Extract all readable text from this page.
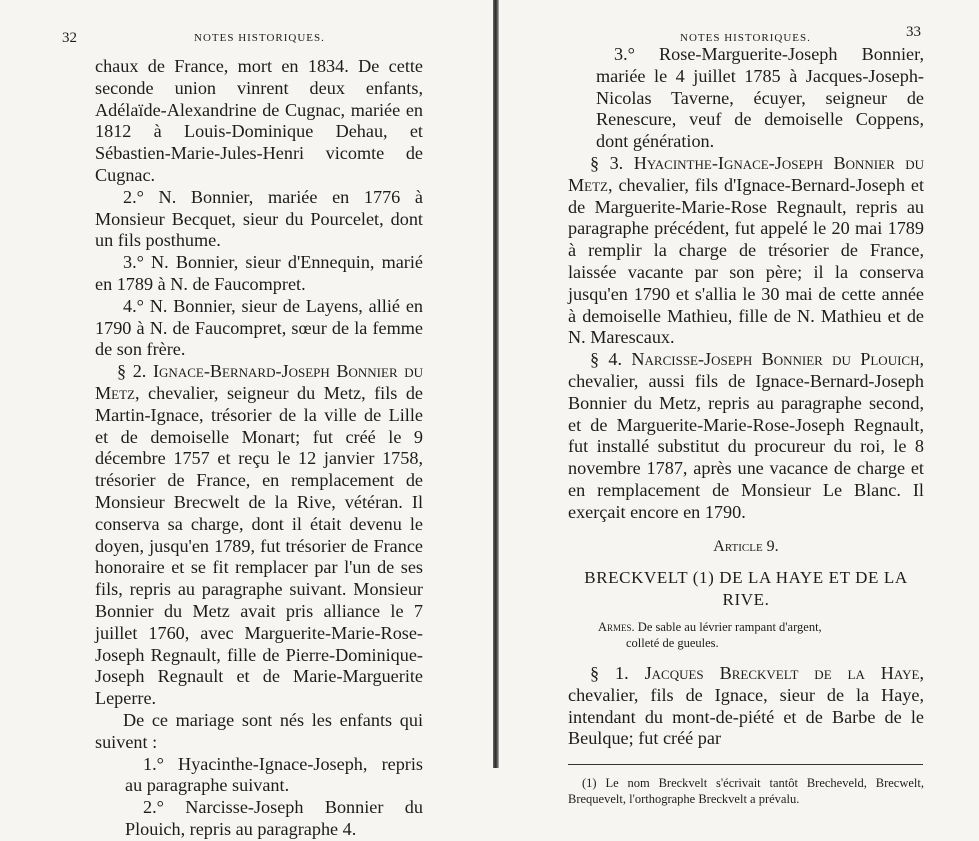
32	NOTES HISTORIQUES.

chaux de France, mort en 1834. De cette seconde union vinrent deux enfants, Adélaïde-Alexandrine de Cugnac, mariée en 1812 à Louis-Dominique Dehau, et Sébastien-Marie-Jules-Henri vicomte de Cugnac.

2.° N. Bonnier, mariée en 1776 à Monsieur Becquet, sieur du Pourcelet, dont un fils posthume.

3.° N. Bonnier, sieur d'Ennequin, marié en 1789 à N. de Faucompret.

4.° N. Bonnier, sieur de Layens, allié en 1790 à N. de Faucompret, sœur de la femme de son frère.

§ 2. Ignace-Bernard-Joseph Bonnier du Metz, chevalier, seigneur du Metz, fils de Martin-Ignace, trésorier de la ville de Lille et de demoiselle Monart; fut créé le 9 décembre 1757 et reçu le 12 janvier 1758, trésorier de France, en remplacement de Monsieur Brecwelt de la Rive, vétéran. Il conserva sa charge, dont il était devenu le doyen, jusqu'en 1789, fut trésorier de France honoraire et se fit remplacer par l'un de ses fils, repris au paragraphe suivant. Monsieur Bonnier du Metz avait pris alliance le 7 juillet 1760, avec Marguerite-Marie-Rose-Joseph Regnault, fille de Pierre-Dominique-Joseph Regnault et de Marie-Marguerite Leperre.

De ce mariage sont nés les enfants qui suivent :

1.° Hyacinthe-Ignace-Joseph, repris au paragraphe suivant.

2.° Narcisse-Joseph Bonnier du Plouich, repris au paragraphe 4.

NOTES HISTORIQUES.	33

3.° Rose-Marguerite-Joseph Bonnier, mariée le 4 juillet 1785 à Jacques-Joseph-Nicolas Taverne, écuyer, seigneur de Renescure, veuf de demoiselle Coppens, dont génération.

§ 3. Hyacinthe-Ignace-Joseph Bonnier du Metz, chevalier, fils d'Ignace-Bernard-Joseph et de Marguerite-Marie-Rose Regnault, repris au paragraphe précédent, fut appelé le 20 mai 1789 à remplir la charge de trésorier de France, laissée vacante par son père; il la conserva jusqu'en 1790 et s'allia le 30 mai de cette année à demoiselle Mathieu, fille de N. Mathieu et de N. Marescaux.

§ 4. Narcisse-Joseph Bonnier du Plouich, chevalier, aussi fils de Ignace-Bernard-Joseph Bonnier du Metz, repris au paragraphe second, et de Marguerite-Marie-Rose-Joseph Regnault, fut installé substitut du procureur du roi, le 8 novembre 1787, après une vacance de charge et en remplacement de Monsieur Le Blanc. Il exerçait encore en 1790.

Article 9.
BRECKVELT (1) DE LA HAYE ET DE LA RIVE.
Armes. De sable au lévrier rampant d'argent,
colleté de gueules.

§ 1. Jacques Breckvelt de la Haye, chevalier, fils de Ignace, sieur de la Haye, intendant du mont-de-piété et de Barbe de le Beulque; fut créé par

(1) Le nom Breckvelt s'écrivait tantôt Brecheveld, Brecwelt, Brequevelt, l'orthographe Breckvelt a prévalu.
